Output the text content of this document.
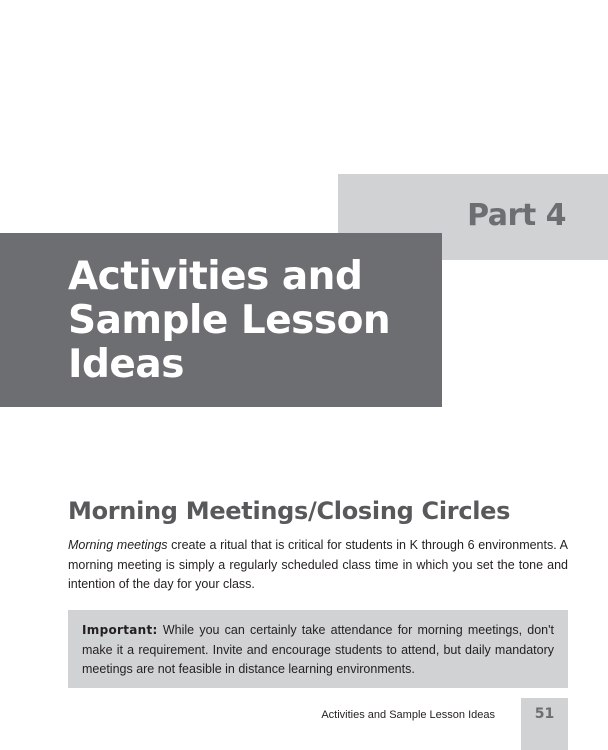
Part 4
Activities and Sample Lesson Ideas
Morning Meetings/Closing Circles

Morning meetings create a ritual that is critical for students in K through 6 environments. A morning meeting is simply a regularly scheduled class time in which you set the tone and intention of the day for your class.

Important: While you can certainly take attendance for morning meetings, don't make it a requirement. Invite and encourage students to attend, but daily mandatory meetings are not feasible in distance learning environments.

Activities and Sample Lesson Ideas	51
